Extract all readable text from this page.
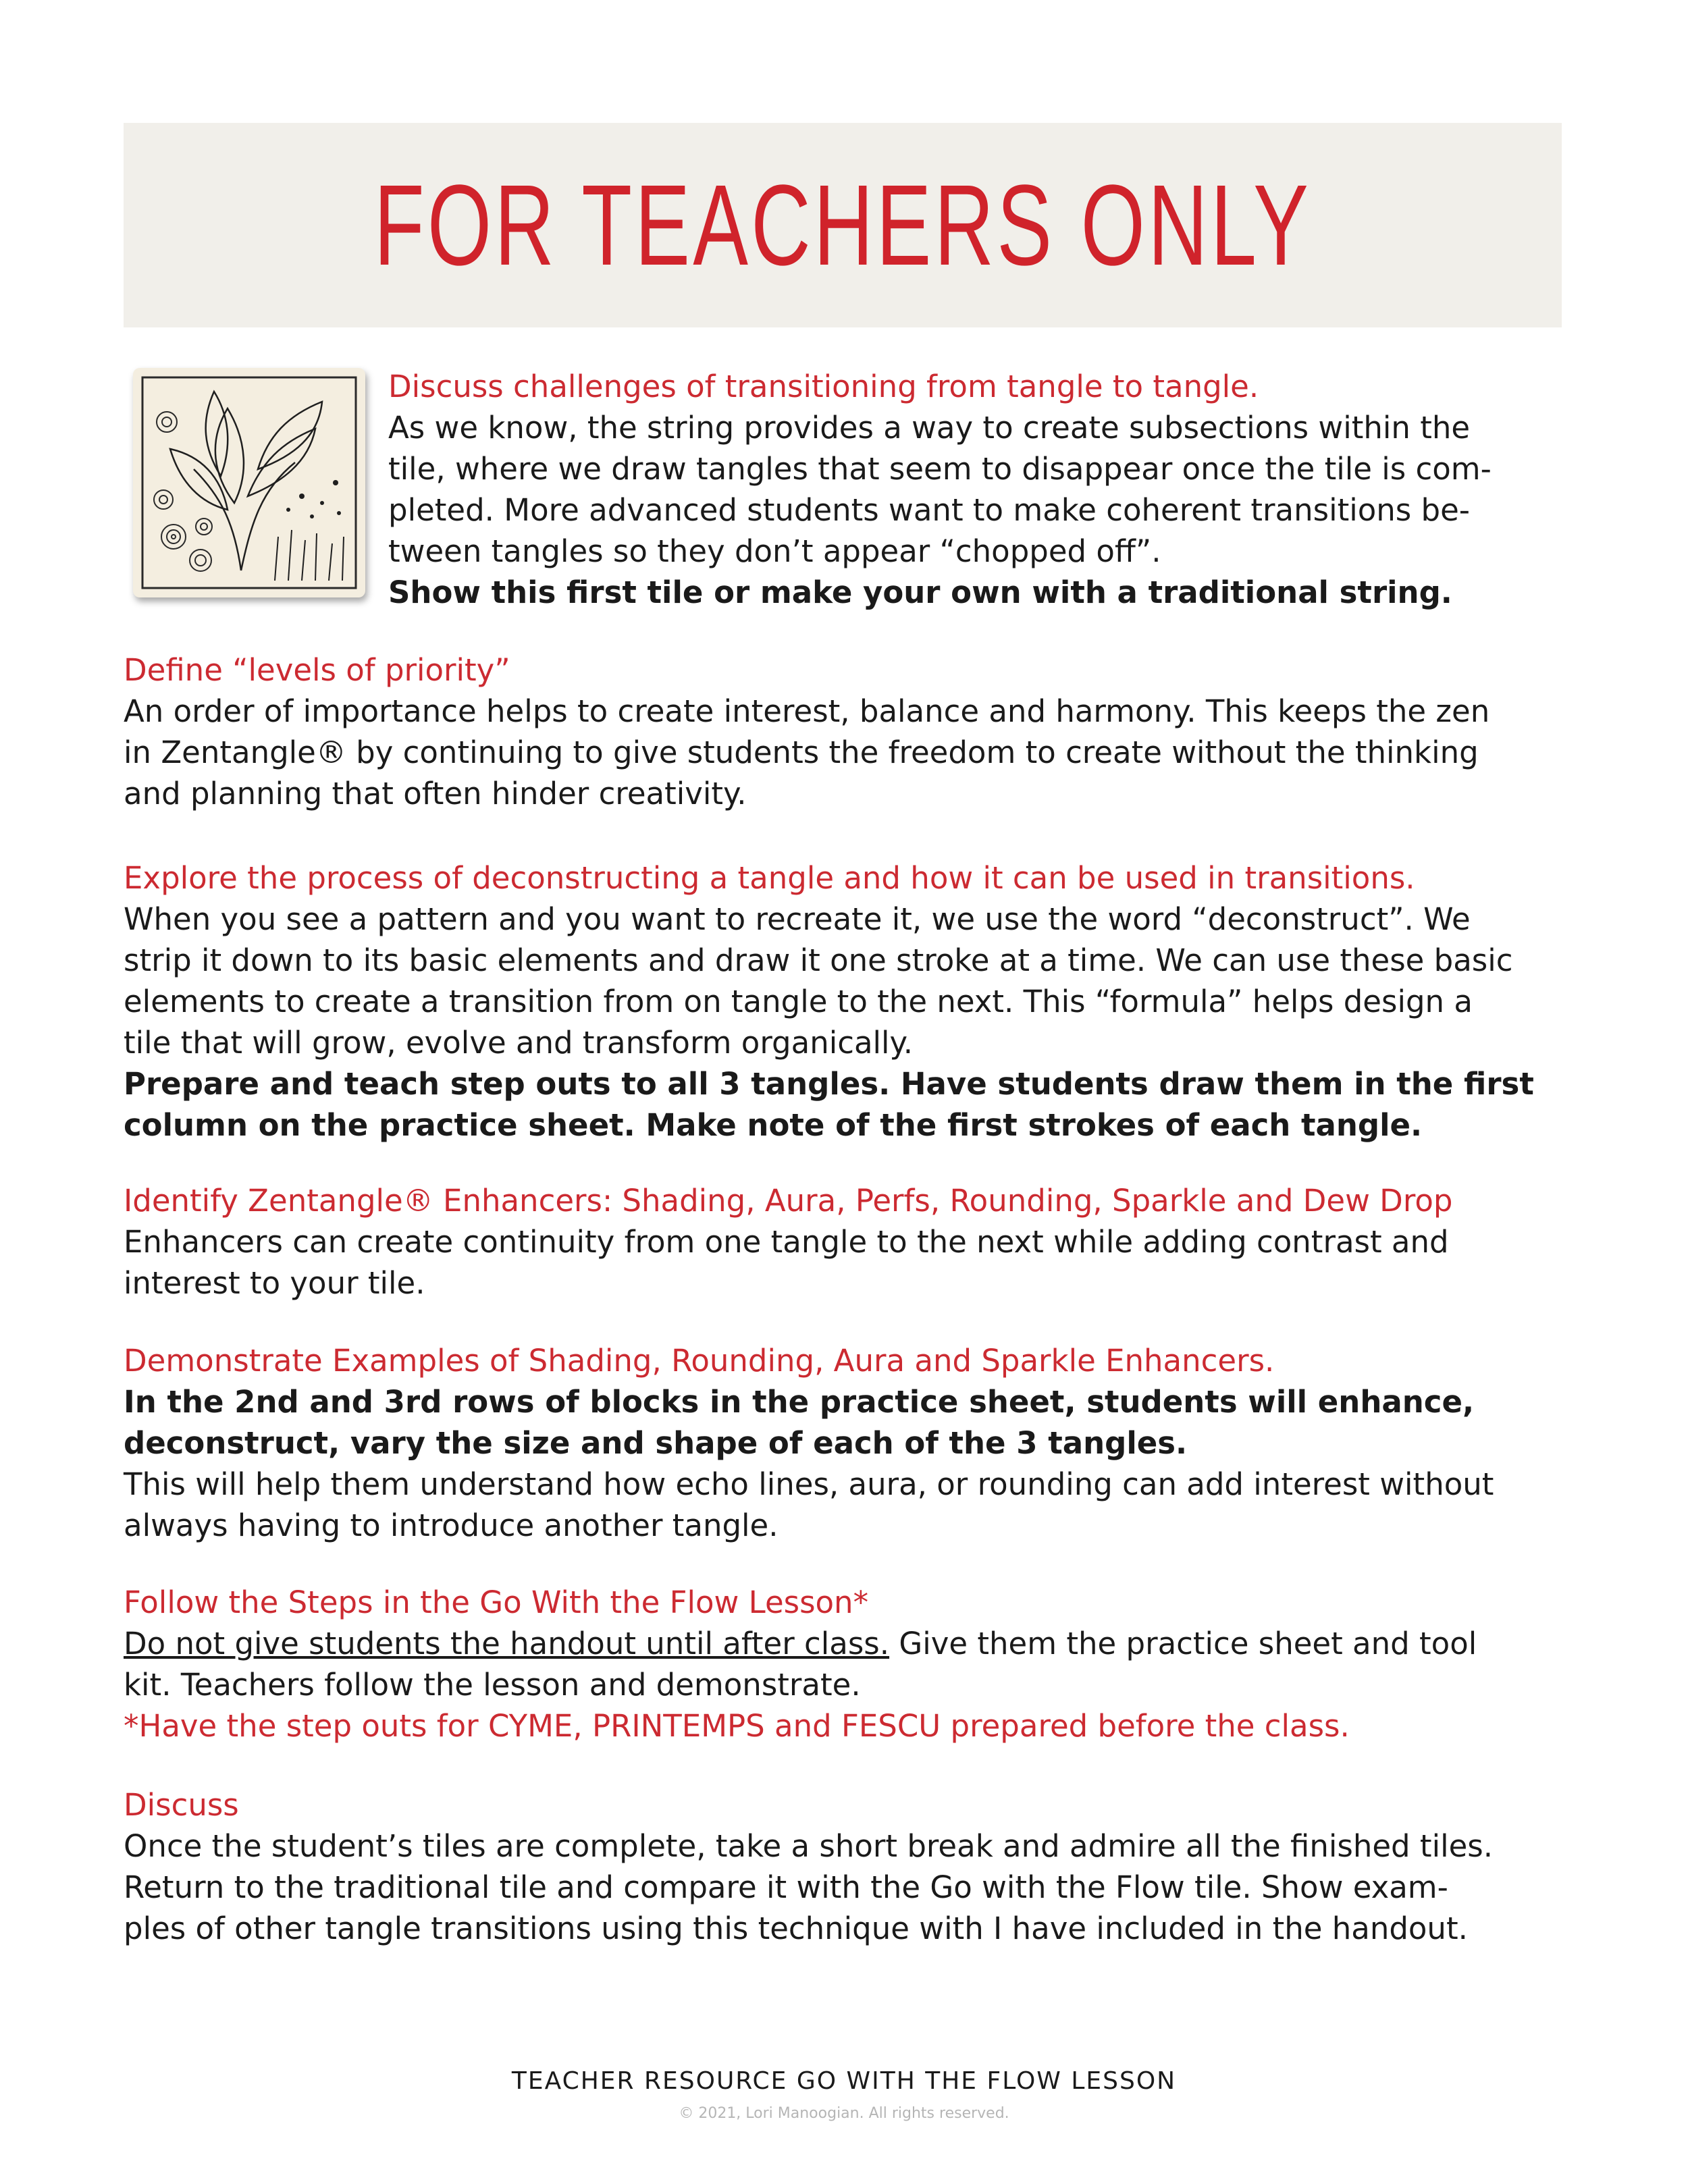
FOR TEACHERS ONLY
Discuss challenges of transitioning from tangle to tangle.
As we know, the string provides a way to create subsections within the
tile, where we draw tangles that seem to disappear once the tile is com-
pleted. More advanced students want to make coherent transitions be-
tween tangles so they don’t appear “chopped off”.
Show this first tile or make your own with a traditional string.
Define “levels of priority”
An order of importance helps to create interest, balance and harmony. This keeps the zen
in Zentangle® by continuing to give students the freedom to create without the thinking
and planning that often hinder creativity.
Explore the process of deconstructing a tangle and how it can be used in transitions.
When you see a pattern and you want to recreate it, we use the word “deconstruct”. We
strip it down to its basic elements and draw it one stroke at a time. We can use these basic
elements to create a transition from on tangle to the next. This “formula” helps design a
tile that will grow, evolve and transform organically.
Prepare and teach step outs to all 3 tangles. Have students draw them in the first
column on the practice sheet. Make note of the first strokes of each tangle.
Identify Zentangle® Enhancers: Shading, Aura, Perfs, Rounding, Sparkle and Dew Drop
Enhancers can create continuity from one tangle to the next while adding contrast and
interest to your tile.
Demonstrate Examples of Shading, Rounding, Aura and Sparkle Enhancers.
In the 2nd and 3rd rows of blocks in the practice sheet, students will enhance,
deconstruct, vary the size and shape of each of the 3 tangles.
This will help them understand how echo lines, aura, or rounding can add interest without
always having to introduce another tangle.
Follow the Steps in the Go With the Flow Lesson*
Do not give students the handout until after class. Give them the practice sheet and tool
kit. Teachers follow the lesson and demonstrate.
*Have the step outs for CYME, PRINTEMPS and FESCU prepared before the class.
Discuss
Once the student’s tiles are complete, take a short break and admire all the finished tiles.
Return to the traditional tile and compare it with the Go with the Flow tile. Show exam-
ples of other tangle transitions using this technique with I have included in the handout.
TEACHER RESOURCE GO WITH THE FLOW LESSON
© 2021, Lori Manoogian. All rights reserved.
